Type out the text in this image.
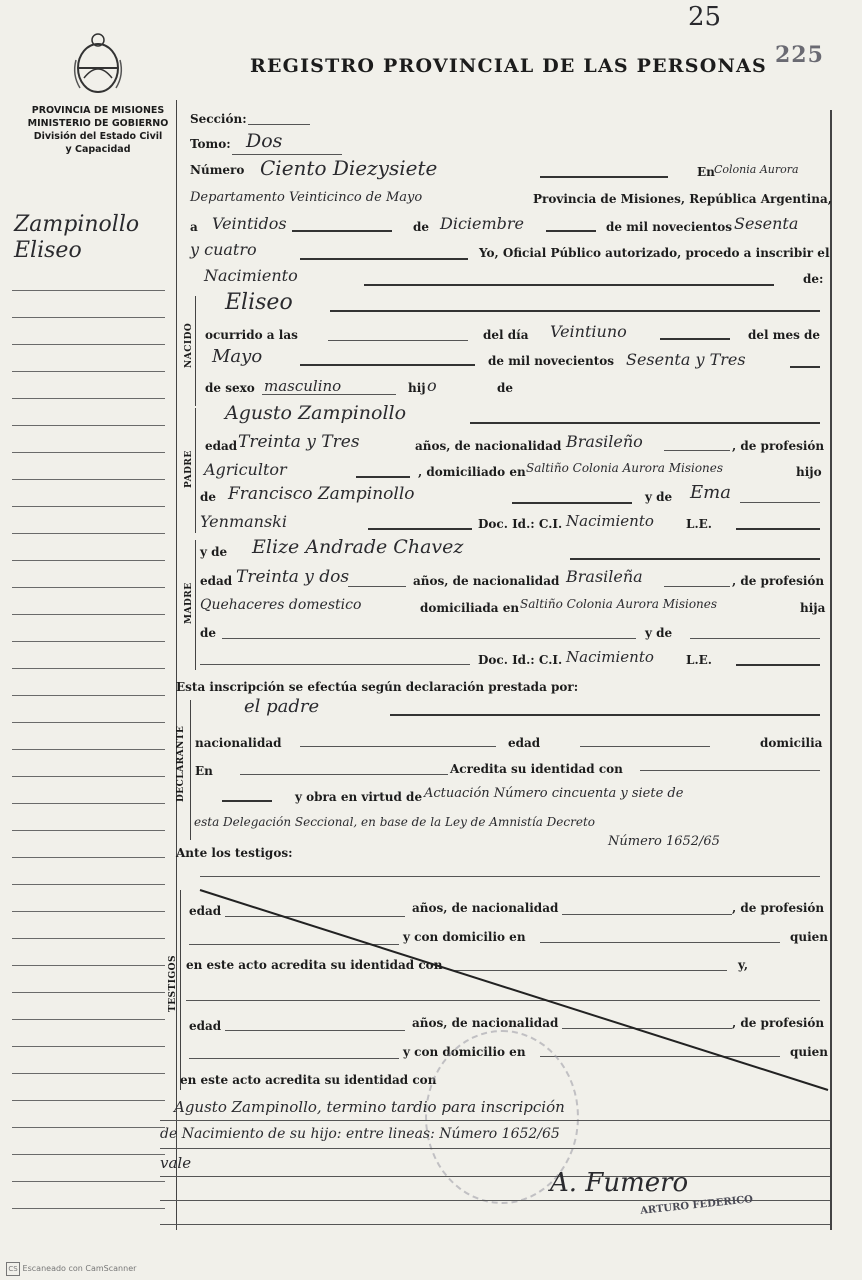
25
225
REGISTRO PROVINCIAL DE LAS PERSONAS
PROVINCIA DE MISIONES
MINISTERIO DE GOBIERNO
División del Estado Civil
y Capacidad
Zampinollo
Eliseo
NACIDO
PADRE
MADRE
DECLARANTE
TESTIGOS
Sección:
Tomo: Dos
Número Ciento Diezysiete	En Colonia Aurora
Departamento Veinticinco de Mayo	Provincia de Misiones, República Argentina,
a Veintidos	de Diciembre	de mil novecientos Sesenta
y cuatro	Yo, Oficial Público autorizado, procedo a inscribir el
Nacimiento	de:
Eliseo
ocurrido a las	del día Veintiuno	del mes de
Mayo	de mil novecientos Sesenta y Tres
de sexo masculino	hij o	de
Agusto Zampinollo
edad Treinta y Tres	años, de nacionalidad Brasileño	, de profesión
Agricultor	, domiciliado en Saltiño Colonia Aurora Misiones	hijo
de Francisco Zampinollo	y de Ema
Yenmanski	Doc. Id.: C.I. Nacimiento	L.E.
y de Elize Andrade Chavez
edad Treinta y dos	años, de nacionalidad Brasileña	, de profesión
Quehaceres domestico	domiciliada en Saltiño Colonia Aurora Misiones	hija
de	y de
Doc. Id.: C.I. Nacimiento	L.E.
Esta inscripción se efectúa según declaración prestada por:
el padre
nacionalidad	edad	domicilia
En	Acredita su identidad con
y obra en virtud de Actuación Número cincuenta y siete de
esta Delegación Seccional, en base de la Ley de Amnistía Decreto
Número 1652/65
Ante los testigos:
edad	años, de nacionalidad	, de profesión
y con domicilio en	quien
en este acto acredita su identidad con	y,
edad	años, de nacionalidad	, de profesión
y con domicilio en	quien
en este acto acredita su identidad con
Agusto Zampinollo, termino tardio para inscripción
de Nacimiento de su hijo: entre lineas: Número 1652/65
vale
A. Fumero
ARTURO FEDERICO
CS Escaneado con CamScanner
